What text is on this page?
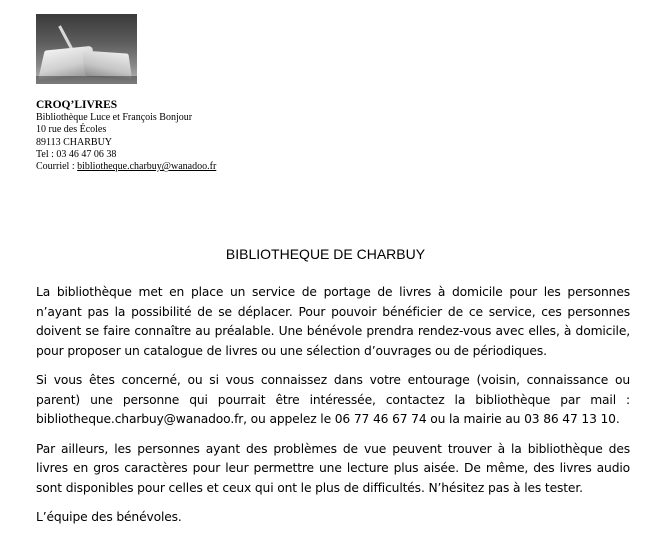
CROQ’LIVRES
Bibliothèque Luce et François Bonjour
10 rue des Écoles
89113 CHARBUY
Tel : 03 46 47 06 38
Courriel : bibliotheque.charbuy@wanadoo.fr
BIBLIOTHEQUE DE CHARBUY

La bibliothèque met en place un service de portage de livres à domicile pour les personnes n’ayant pas la possibilité de se déplacer. Pour pouvoir bénéficier de ce service, ces personnes doivent se faire connaître au préalable. Une bénévole prendra rendez-vous avec elles, à domicile, pour proposer un catalogue de livres ou une sélection d’ouvrages ou de périodiques.

Si vous êtes concerné, ou si vous connaissez dans votre entourage (voisin, connaissance ou parent) une personne qui pourrait être intéressée, contactez la bibliothèque par mail : bibliotheque.charbuy@wanadoo.fr, ou appelez le 06 77 46 67 74 ou la mairie au 03 86 47 13 10.

Par ailleurs, les personnes ayant des problèmes de vue peuvent trouver à la bibliothèque des livres en gros caractères pour leur permettre une lecture plus aisée. De même, des livres audio sont disponibles pour celles et ceux qui ont le plus de difficultés. N’hésitez pas à les tester.

L’équipe des bénévoles.
